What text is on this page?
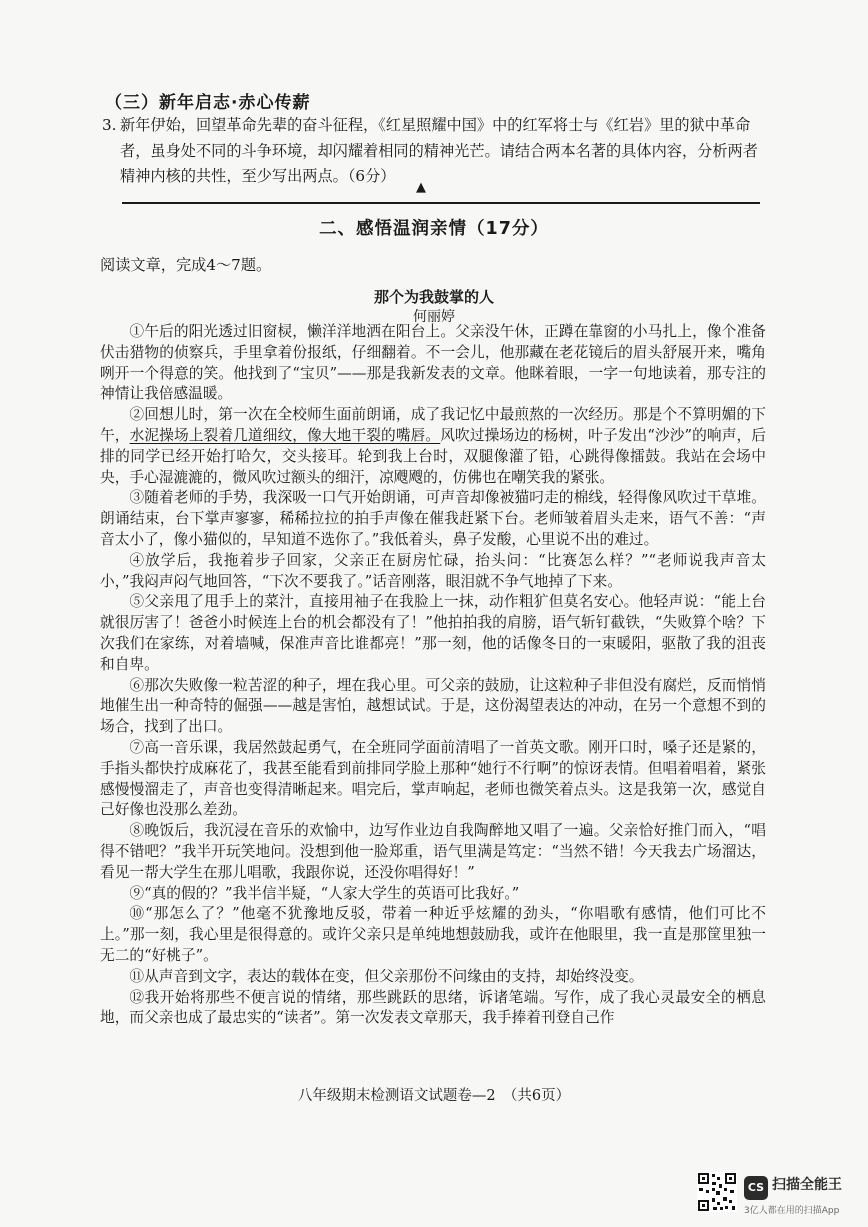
（三）新年启志·赤心传薪
3. 新年伊始，回望革命先辈的奋斗征程，《红星照耀中国》中的红军将士与《红岩》里的狱中革命者，虽身处不同的斗争环境，却闪耀着相同的精神光芒。请结合两本名著的具体内容，分析两者精神内核的共性，至少写出两点。（6分）
▲
二、感悟温润亲情（17分）
阅读文章，完成4～7题。
那个为我鼓掌的人
何丽婷

①午后的阳光透过旧窗棂，懒洋洋地洒在阳台上。父亲没午休，正蹲在靠窗的小马扎上，像个准备伏击猎物的侦察兵，手里拿着份报纸，仔细翻着。不一会儿，他那藏在老花镜后的眉头舒展开来，嘴角咧开一个得意的笑。他找到了“宝贝”——那是我新发表的文章。他眯着眼，一字一句地读着，那专注的神情让我倍感温暖。

②回想儿时，第一次在全校师生面前朗诵，成了我记忆中最煎熬的一次经历。那是个不算明媚的下午，水泥操场上裂着几道细纹，像大地干裂的嘴唇。风吹过操场边的杨树，叶子发出“沙沙”的响声，后排的同学已经开始打哈欠，交头接耳。轮到我上台时，双腿像灌了铅，心跳得像擂鼓。我站在会场中央，手心湿漉漉的，微风吹过额头的细汗，凉飕飕的，仿佛也在嘲笑我的紧张。

③随着老师的手势，我深吸一口气开始朗诵，可声音却像被猫叼走的棉线，轻得像风吹过干草堆。朗诵结束，台下掌声寥寥，稀稀拉拉的拍手声像在催我赶紧下台。老师皱着眉头走来，语气不善：“声音太小了，像小猫似的，早知道不选你了。”我低着头，鼻子发酸，心里说不出的难过。

④放学后，我拖着步子回家，父亲正在厨房忙碌，抬头问：“比赛怎么样？”“老师说我声音太小，”我闷声闷气地回答，“下次不要我了。”话音刚落，眼泪就不争气地掉了下来。

⑤父亲甩了甩手上的菜汁，直接用袖子在我脸上一抹，动作粗犷但莫名安心。他轻声说：“能上台就很厉害了！爸爸小时候连上台的机会都没有了！”他拍拍我的肩膀，语气斩钉截铁，“失败算个啥？下次我们在家练，对着墙喊，保准声音比谁都亮！”那一刻，他的话像冬日的一束暖阳，驱散了我的沮丧和自卑。

⑥那次失败像一粒苦涩的种子，埋在我心里。可父亲的鼓励，让这粒种子非但没有腐烂，反而悄悄地催生出一种奇特的倔强——越是害怕，越想试试。于是，这份渴望表达的冲动，在另一个意想不到的场合，找到了出口。

⑦高一音乐课，我居然鼓起勇气，在全班同学面前清唱了一首英文歌。刚开口时，嗓子还是紧的，手指头都快拧成麻花了，我甚至能看到前排同学脸上那种“她行不行啊”的惊讶表情。但唱着唱着，紧张感慢慢溜走了，声音也变得清晰起来。唱完后，掌声响起，老师也微笑着点头。这是我第一次，感觉自己好像也没那么差劲。

⑧晚饭后，我沉浸在音乐的欢愉中，边写作业边自我陶醉地又唱了一遍。父亲恰好推门而入，“唱得不错吧？”我半开玩笑地问。没想到他一脸郑重，语气里满是笃定：“当然不错！今天我去广场溜达，看见一帮大学生在那儿唱歌，我跟你说，还没你唱得好！”

⑨“真的假的？”我半信半疑，“人家大学生的英语可比我好。”

⑩“那怎么了？”他毫不犹豫地反驳，带着一种近乎炫耀的劲头，“你唱歌有感情，他们可比不上。”那一刻，我心里是很得意的。或许父亲只是单纯地想鼓励我，或许在他眼里，我一直是那筐里独一无二的“好桃子”。

⑪从声音到文字，表达的载体在变，但父亲那份不问缘由的支持，却始终没变。

⑫我开始将那些不便言说的情绪，那些跳跃的思绪，诉诸笔端。写作，成了我心灵最安全的栖息地，而父亲也成了最忠实的“读者”。第一次发表文章那天，我手捧着刊登自己作

八年级期末检测语文试题卷—2　（共6页）
CS 扫描全能王
3亿人都在用的扫描App
